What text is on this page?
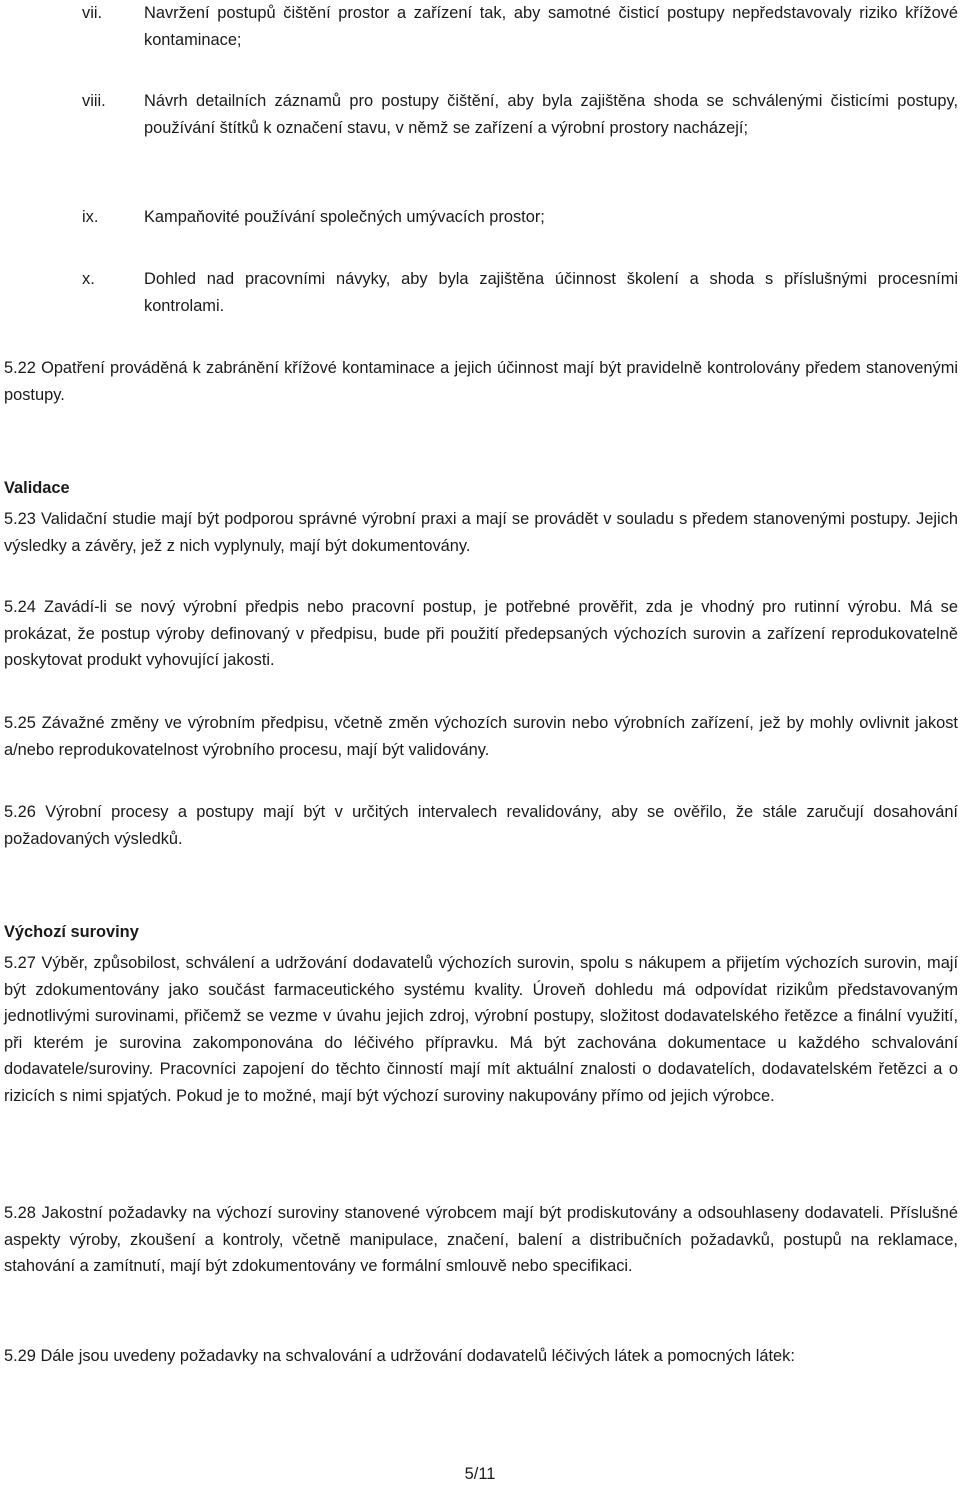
vii.	Navržení postupů čištění prostor a zařízení tak, aby samotné čisticí postupy nepředstavovaly riziko křížové kontaminace;
viii.	Návrh detailních záznamů pro postupy čištění, aby byla zajištěna shoda se schválenými čisticími postupy, používání štítků k označení stavu, v němž se zařízení a výrobní prostory nacházejí;
ix.	Kampaňovité používání společných umývacích prostor;
x.	Dohled nad pracovními návyky, aby byla zajištěna účinnost školení a shoda s příslušnými procesními kontrolami.
5.22 Opatření prováděná k zabránění křížové kontaminace a jejich účinnost mají být pravidelně kontrolovány předem stanovenými postupy.
Validace
5.23 Validační studie mají být podporou správné výrobní praxi a mají se provádět v souladu s předem stanovenými postupy. Jejich výsledky a závěry, jež z nich vyplynuly, mají být dokumentovány.
5.24 Zavádí-li se nový výrobní předpis nebo pracovní postup, je potřebné prověřit, zda je vhodný pro rutinní výrobu. Má se prokázat, že postup výroby definovaný v předpisu, bude při použití předepsaných výchozích surovin a zařízení reprodukovatelně poskytovat produkt vyhovující jakosti.
5.25 Závažné změny ve výrobním předpisu, včetně změn výchozích surovin nebo výrobních zařízení, jež by mohly ovlivnit jakost a/nebo reprodukovatelnost výrobního procesu, mají být validovány.
5.26 Výrobní procesy a postupy mají být v určitých intervalech revalidovány, aby se ověřilo, že stále zaručují dosahování požadovaných výsledků.
Výchozí suroviny
5.27 Výběr, způsobilost, schválení a udržování dodavatelů výchozích surovin, spolu s nákupem a přijetím výchozích surovin, mají být zdokumentovány jako součást farmaceutického systému kvality. Úroveň dohledu má odpovídat rizikům představovaným jednotlivými surovinami, přičemž se vezme v úvahu jejich zdroj, výrobní postupy, složitost dodavatelského řetězce a finální využití, při kterém je surovina zakomponována do léčivého přípravku. Má být zachována dokumentace u každého schvalování dodavatele/suroviny. Pracovníci zapojení do těchto činností mají mít aktuální znalosti o dodavatelích, dodavatelském řetězci a o rizicích s nimi spjatých. Pokud je to možné, mají být výchozí suroviny nakupovány přímo od jejich výrobce.
5.28 Jakostní požadavky na výchozí suroviny stanovené výrobcem mají být prodiskutovány a odsouhlaseny dodavateli. Příslušné aspekty výroby, zkoušení a kontroly, včetně manipulace, značení, balení a distribučních požadavků, postupů na reklamace, stahování a zamítnutí, mají být zdokumentovány ve formální smlouvě nebo specifikaci.
5.29 Dále jsou uvedeny požadavky na schvalování a udržování dodavatelů léčivých látek a pomocných látek:
5/11
